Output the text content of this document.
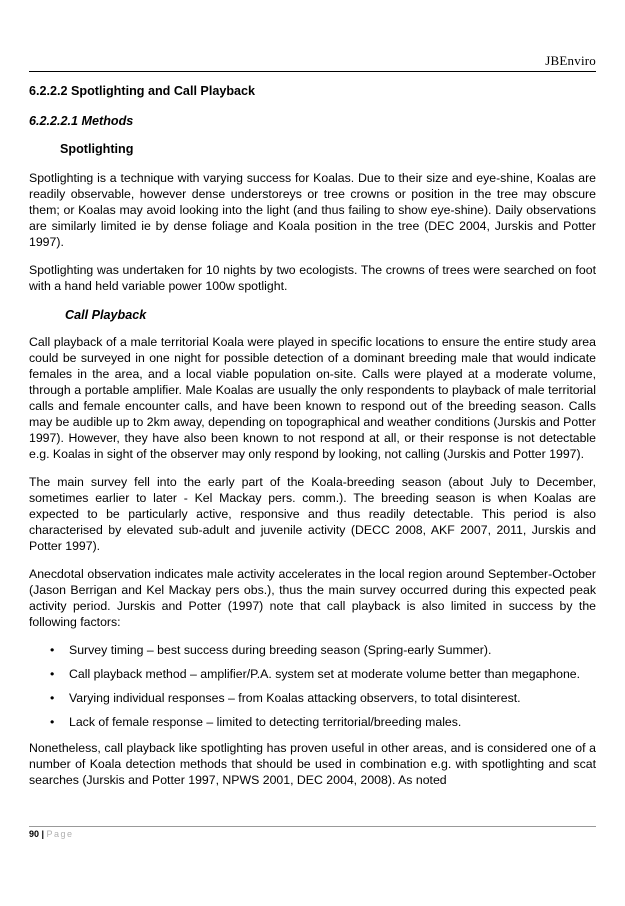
JBEnviro
6.2.2.2 Spotlighting and Call Playback
6.2.2.2.1 Methods
Spotlighting

Spotlighting is a technique with varying success for Koalas. Due to their size and eye-shine, Koalas are readily observable, however dense understoreys or tree crowns or position in the tree may obscure them; or Koalas may avoid looking into the light (and thus failing to show eye-shine). Daily observations are similarly limited ie by dense foliage and Koala position in the tree (DEC 2004, Jurskis and Potter 1997).

Spotlighting was undertaken for 10 nights by two ecologists. The crowns of trees were searched on foot with a hand held variable power 100w spotlight.

Call Playback

Call playback of a male territorial Koala were played in specific locations to ensure the entire study area could be surveyed in one night for possible detection of a dominant breeding male that would indicate females in the area, and a local viable population on-site. Calls were played at a moderate volume, through a portable amplifier. Male Koalas are usually the only respondents to playback of male territorial calls and female encounter calls, and have been known to respond out of the breeding season. Calls may be audible up to 2km away, depending on topographical and weather conditions (Jurskis and Potter 1997). However, they have also been known to not respond at all, or their response is not detectable e.g. Koalas in sight of the observer may only respond by looking, not calling (Jurskis and Potter 1997).

The main survey fell into the early part of the Koala-breeding season (about July to December, sometimes earlier to later - Kel Mackay pers. comm.). The breeding season is when Koalas are expected to be particularly active, responsive and thus readily detectable. This period is also characterised by elevated sub-adult and juvenile activity (DECC 2008, AKF 2007, 2011, Jurskis and Potter 1997).

Anecdotal observation indicates male activity accelerates in the local region around September-October (Jason Berrigan and Kel Mackay pers obs.), thus the main survey occurred during this expected peak activity period. Jurskis and Potter (1997) note that call playback is also limited in success by the following factors:

• Survey timing – best success during breeding season (Spring-early Summer).
• Call playback method – amplifier/P.A. system set at moderate volume better than megaphone.
• Varying individual responses – from Koalas attacking observers, to total disinterest.
• Lack of female response – limited to detecting territorial/breeding males.

Nonetheless, call playback like spotlighting has proven useful in other areas, and is considered one of a number of Koala detection methods that should be used in combination e.g. with spotlighting and scat searches (Jurskis and Potter 1997, NPWS 2001, DEC 2004, 2008). As noted

90 | Page
